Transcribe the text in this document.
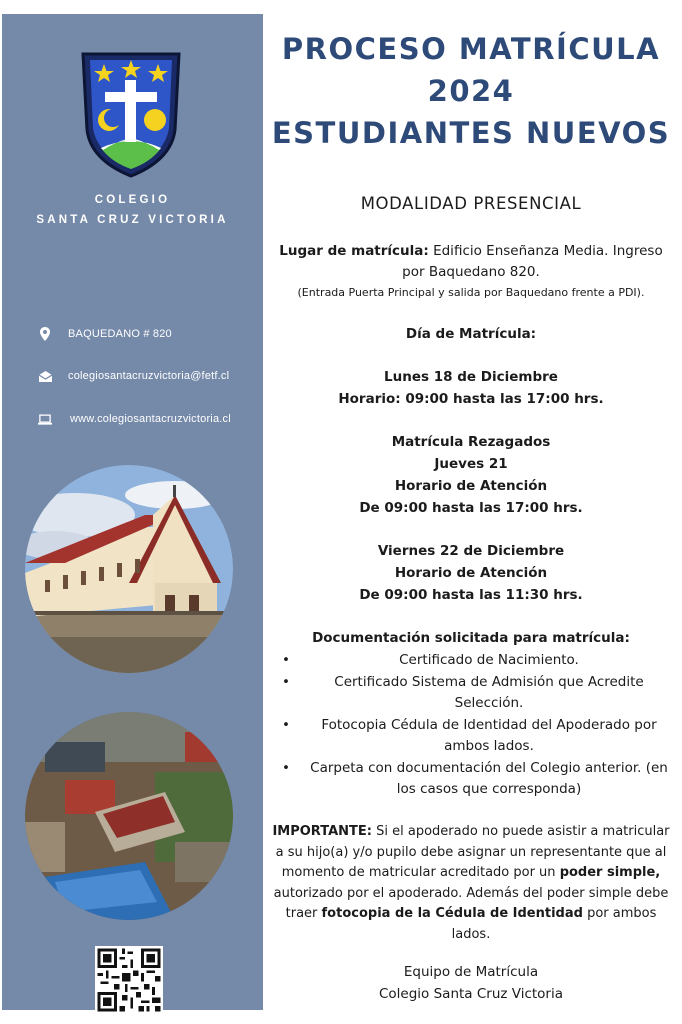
COLEGIO
SANTA CRUZ VICTORIA
BAQUEDANO # 820
colegiosantacruzvictoria@fetf.cl
www.colegiosantacruzvictoria.cl
PROCESO MATRÍCULA
2024
ESTUDIANTES NUEVOS
MODALIDAD PRESENCIAL
Lugar de matrícula: Edificio Enseñanza Media. Ingreso
por Baquedano 820.
(Entrada Puerta Principal y salida por Baquedano frente a PDI).
Día de Matrícula:
Lunes 18 de Diciembre
Horario: 09:00 hasta las 17:00 hrs.
Matrícula Rezagados
Jueves 21
Horario de Atención
De 09:00 hasta las 17:00 hrs.
Viernes 22 de Diciembre
Horario de Atención
De 09:00 hasta las 11:30 hrs.
Documentación solicitada para matrícula:
•	Certificado de Nacimiento.
•	Certificado Sistema de Admisión que Acredite Selección.
• Fotocopia Cédula de Identidad del Apoderado por ambos lados.
• Carpeta con documentación del Colegio anterior. (en los casos que corresponda)
IMPORTANTE: Si el apoderado no puede asistir a matricular a su hijo(a) y/o pupilo debe asignar un representante que al momento de matricular acreditado por un poder simple, autorizado por el apoderado. Además del poder simple debe traer fotocopia de la Cédula de Identidad por ambos lados.
Equipo de Matrícula
Colegio Santa Cruz Victoria
